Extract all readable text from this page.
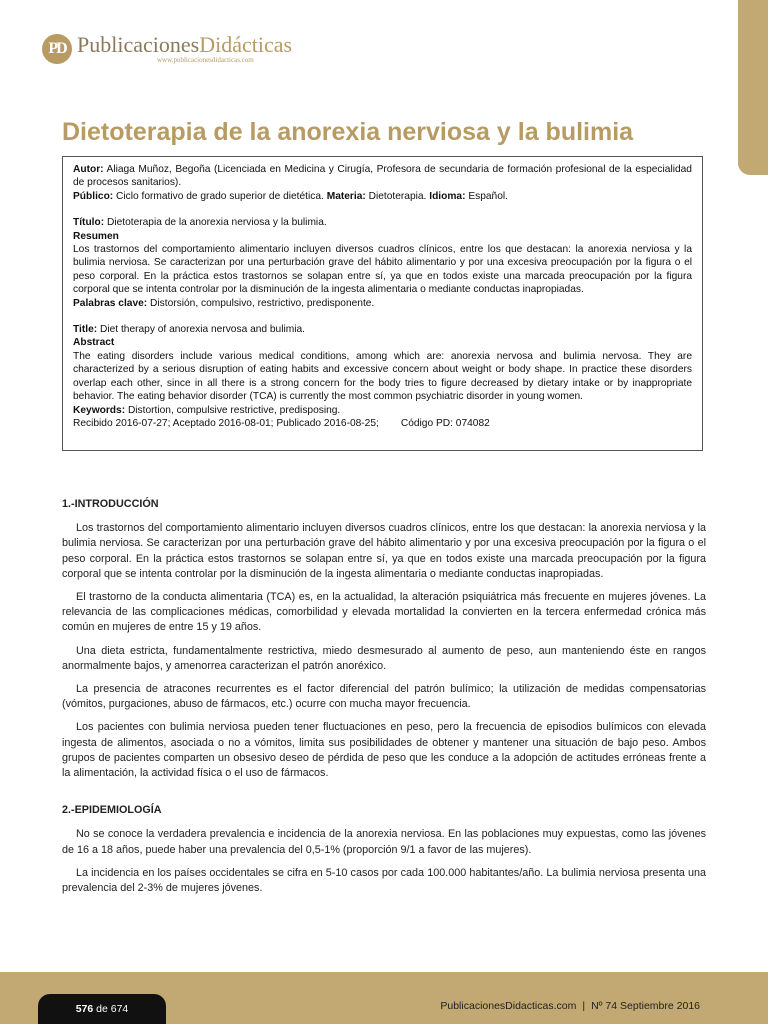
PD PublicacionesDidácticas
www.publicacionesdidacticas.com
Dietoterapia de la anorexia nerviosa y la bulimia

Autor: Aliaga Muñoz, Begoña (Licenciada en Medicina y Cirugía, Profesora de secundaria de formación profesional de la especialidad de procesos sanitarios).

Público: Ciclo formativo de grado superior de dietética. Materia: Dietoterapia. Idioma: Español.

Título: Dietoterapia de la anorexia nerviosa y la bulimia.

Resumen

Los trastornos del comportamiento alimentario incluyen diversos cuadros clínicos, entre los que destacan: la anorexia nerviosa y la bulimia nerviosa. Se caracterizan por una perturbación grave del hábito alimentario y por una excesiva preocupación por la figura o el peso corporal. En la práctica estos trastornos se solapan entre sí, ya que en todos existe una marcada preocupación por la figura corporal que se intenta controlar por la disminución de la ingesta alimentaria o mediante conductas inapropiadas.

Palabras clave: Distorsión, compulsivo, restrictivo, predisponente.

Title: Diet therapy of anorexia nervosa and bulimia.

Abstract

The eating disorders include various medical conditions, among which are: anorexia nervosa and bulimia nervosa. They are characterized by a serious disruption of eating habits and excessive concern about weight or body shape. In practice these disorders overlap each other, since in all there is a strong concern for the body tries to figure decreased by dietary intake or by inappropriate behavior. The eating behavior disorder (TCA) is currently the most common psychiatric disorder in young women.

Keywords: Distortion, compulsive restrictive, predisposing.

Recibido 2016-07-27; Aceptado 2016-08-01; Publicado 2016-08-25; Código PD: 074082

1.-INTRODUCCIÓN

Los trastornos del comportamiento alimentario incluyen diversos cuadros clínicos, entre los que destacan: la anorexia nerviosa y la bulimia nerviosa. Se caracterizan por una perturbación grave del hábito alimentario y por una excesiva preocupación por la figura o el peso corporal. En la práctica estos trastornos se solapan entre sí, ya que en todos existe una marcada preocupación por la figura corporal que se intenta controlar por la disminución de la ingesta alimentaria o mediante conductas inapropiadas.

El trastorno de la conducta alimentaria (TCA) es, en la actualidad, la alteración psiquiátrica más frecuente en mujeres jóvenes. La relevancia de las complicaciones médicas, comorbilidad y elevada mortalidad la convierten en la tercera enfermedad crónica más común en mujeres de entre 15 y 19 años.

Una dieta estricta, fundamentalmente restrictiva, miedo desmesurado al aumento de peso, aun manteniendo éste en rangos anormalmente bajos, y amenorrea caracterizan el patrón anoréxico.

La presencia de atracones recurrentes es el factor diferencial del patrón bulímico; la utilización de medidas compensatorias (vómitos, purgaciones, abuso de fármacos, etc.) ocurre con mucha mayor frecuencia.

Los pacientes con bulimia nerviosa pueden tener fluctuaciones en peso, pero la frecuencia de episodios bulímicos con elevada ingesta de alimentos, asociada o no a vómitos, limita sus posibilidades de obtener y mantener una situación de bajo peso. Ambos grupos de pacientes comparten un obsesivo deseo de pérdida de peso que les conduce a la adopción de actitudes erróneas frente a la alimentación, la actividad física o el uso de fármacos.

2.-EPIDEMIOLOGÍA

No se conoce la verdadera prevalencia e incidencia de la anorexia nerviosa. En las poblaciones muy expuestas, como las jóvenes de 16 a 18 años, puede haber una prevalencia del 0,5-1% (proporción 9/1 a favor de las mujeres).

La incidencia en los países occidentales se cifra en 5-10 casos por cada 100.000 habitantes/año. La bulimia nerviosa presenta una prevalencia del 2-3% de mujeres jóvenes.

576
de 674	PublicacionesDidacticas.com | Nº 74 Septiembre 2016
